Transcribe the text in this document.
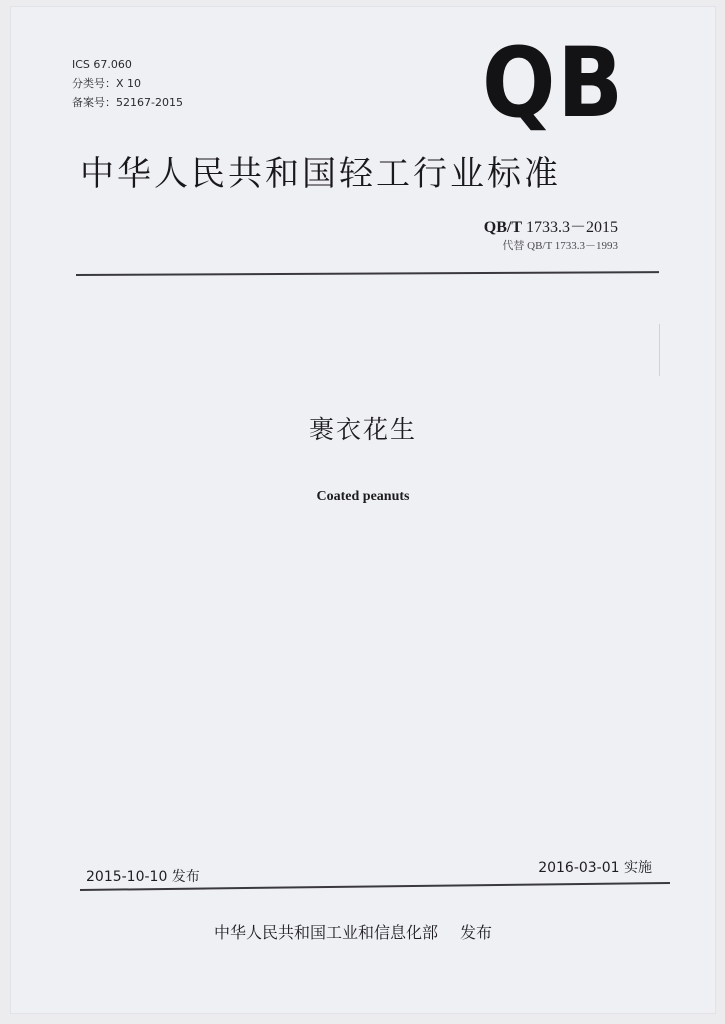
ICS 67.060
分类号：X 10
备案号：52167-2015	QB
中华人民共和国轻工行业标准
QB/T 1733.3－2015
代替 QB/T 1733.3－1993
裹衣花生
Coated peanuts
2015-10-10 发布
2016-03-01 实施
中华人民共和国工业和信息化部 发布
